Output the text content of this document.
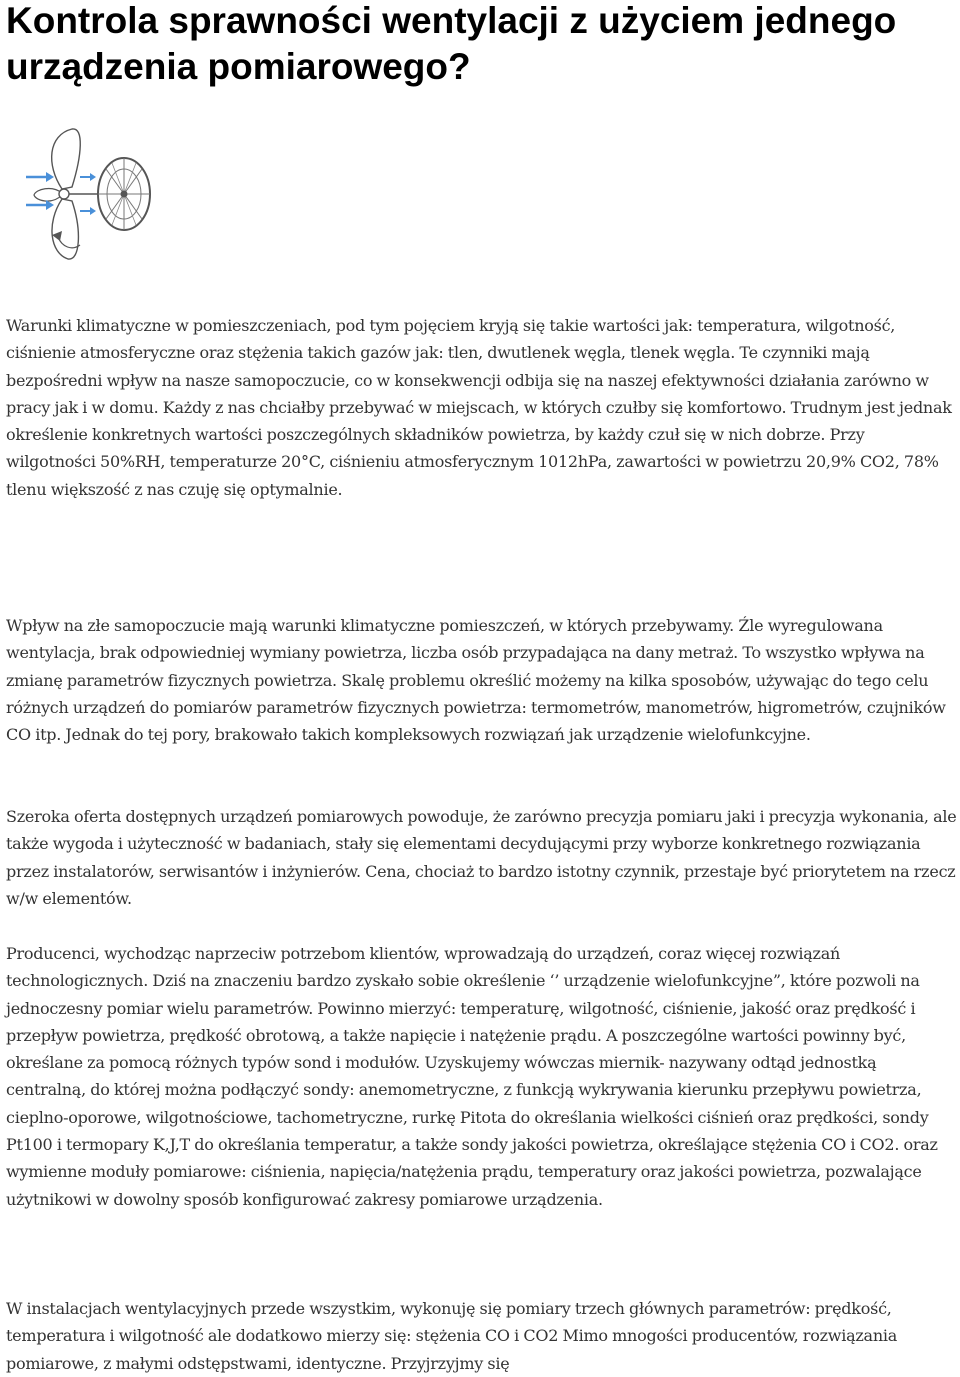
Kontrola sprawności wentylacji z użyciem jednego urządzenia pomiarowego?

Warunki klimatyczne w pomieszczeniach, pod tym pojęciem kryją się takie wartości jak: temperatura, wilgotność, ciśnienie atmosferyczne oraz stężenia takich gazów jak: tlen, dwutlenek węgla, tlenek węgla. Te czynniki mają bezpośredni wpływ na nasze samopoczucie, co w konsekwencji odbija się na naszej efektywności działania zarówno w pracy jak i w domu. Każdy z nas chciałby przebywać w miejscach, w których czułby się komfortowo. Trudnym jest jednak określenie konkretnych wartości poszczególnych składników powietrza, by każdy czuł się w nich dobrze. Przy wilgotności 50%RH, temperaturze 20°C, ciśnieniu atmosferycznym 1012hPa, zawartości w powietrzu 20,9% CO2, 78% tlenu większość z nas czuję się optymalnie.

Wpływ na złe samopoczucie mają warunki klimatyczne pomieszczeń, w których przebywamy. Źle wyregulowana wentylacja, brak odpowiedniej wymiany powietrza, liczba osób przypadająca na dany metraż. To wszystko wpływa na zmianę parametrów fizycznych powietrza. Skalę problemu określić możemy na kilka sposobów, używając do tego celu różnych urządzeń do pomiarów parametrów fizycznych powietrza: termometrów, manometrów, higrometrów, czujników CO itp. Jednak do tej pory, brakowało takich kompleksowych rozwiązań jak urządzenie wielofunkcyjne.

Szeroka oferta dostępnych urządzeń pomiarowych powoduje, że zarówno precyzja pomiaru jaki i precyzja wykonania, ale także wygoda i użyteczność w badaniach, stały się elementami decydującymi przy wyborze konkretnego rozwiązania przez instalatorów, serwisantów i inżynierów. Cena, chociaż to bardzo istotny czynnik, przestaje być priorytetem na rzecz w/w elementów.

Producenci, wychodząc naprzeciw potrzebom klientów, wprowadzają do urządzeń, coraz więcej rozwiązań technologicznych. Dziś na znaczeniu bardzo zyskało sobie określenie ‘’ urządzenie wielofunkcyjne”, które pozwoli na jednoczesny pomiar wielu parametrów. Powinno mierzyć: temperaturę, wilgotność, ciśnienie, jakość oraz prędkość i przepływ powietrza, prędkość obrotową, a także napięcie i natężenie prądu. A poszczególne wartości powinny być, określane za pomocą różnych typów sond i modułów. Uzyskujemy wówczas miernik- nazywany odtąd jednostką centralną, do której można podłączyć sondy: anemometryczne, z funkcją wykrywania kierunku przepływu powietrza, cieplno-oporowe, wilgotnościowe, tachometryczne, rurkę Pitota do określania wielkości ciśnień oraz prędkości, sondy Pt100 i termopary K,J,T do określania temperatur, a także sondy jakości powietrza, określające stężenia CO i CO2. oraz wymienne moduły pomiarowe: ciśnienia, napięcia/natężenia prądu, temperatury oraz jakości powietrza, pozwalające użytnikowi w dowolny sposób konfigurować zakresy pomiarowe urządzenia.

W instalacjach wentylacyjnych przede wszystkim, wykonuję się pomiary trzech głównych parametrów: prędkość, temperatura i wilgotność ale dodatkowo mierzy się: stężenia CO i CO2 Mimo mnogości producentów, rozwiązania pomiarowe, z małymi odstępstwami, identyczne. Przyjrzyjmy się
